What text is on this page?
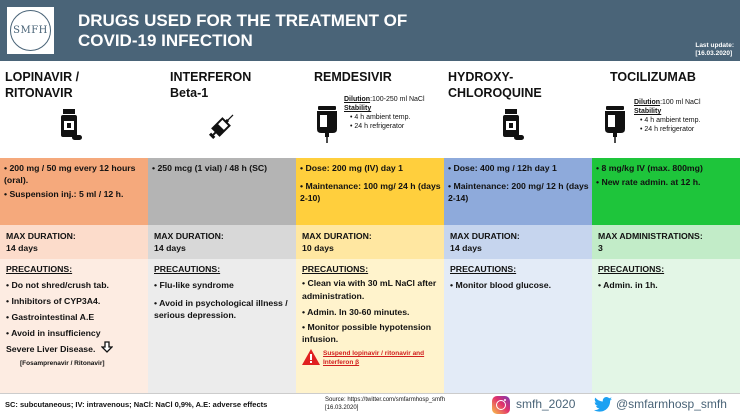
SMFH
DRUGS USED FOR THE TREATMENT OF
COVID-19 INFECTION	Last update:
[16.03.2020]
LOPINAVIR /
RITONAVIR
• 200 mg / 50 mg every 12 hours (oral).
• Suspension inj.: 5 ml / 12 h.
MAX DURATION:
14 days
PRECAUTIONS:
• Do not shred/crush tab.
• Inhibitors of CYP3A4.
• Gastrointestinal A.E
• Avoid in insufficiency
Severe Liver Disease.
[Fosamprenavir / Ritonavir]
INTERFERON
Beta-1
• 250 mcg (1 vial) / 48 h (SC)
MAX DURATION:
14 days
PRECAUTIONS:
• Flu-like syndrome
• Avoid in psychological illness / serious depression.
REMDESIVIR
Dilution:100-250 ml NaCl
Stability
• 4 h ambient temp.
• 24 h refrigerator
• Dose: 200 mg (IV) day 1
• Maintenance: 100 mg/ 24 h (days 2-10)
MAX DURATION:
10 days
PRECAUTIONS:
• Clean via with 30 mL NaCl after administration.
• Admin. In 30-60 minutes.
• Monitor possible hypotension infusion.
Suspend lopinavir / ritonavir and Interferon β
HYDROXY-
CHLOROQUINE
• Dose: 400 mg / 12h day 1
• Maintenance: 200 mg/ 12 h (days 2-14)
MAX DURATION:
14 days
PRECAUTIONS:
• Monitor blood glucose.
TOCILIZUMAB
Dilution:100 ml NaCl
Stability
• 4 h ambient temp.
• 24 h refrigerator
• 8 mg/kg IV (max. 800mg)
• New rate admin. at 12 h.
MAX ADMINISTRATIONS:
3
PRECAUTIONS:
• Admin. in 1h.
SC: subcutaneous; IV: intravenous; NaCl: NaCl 0,9%, A.E: adverse effects	Source: https://twitter.com/smfarmhosp_smfh
[16.03.2020]	smfh_2020	@smfarmhosp_smfh
